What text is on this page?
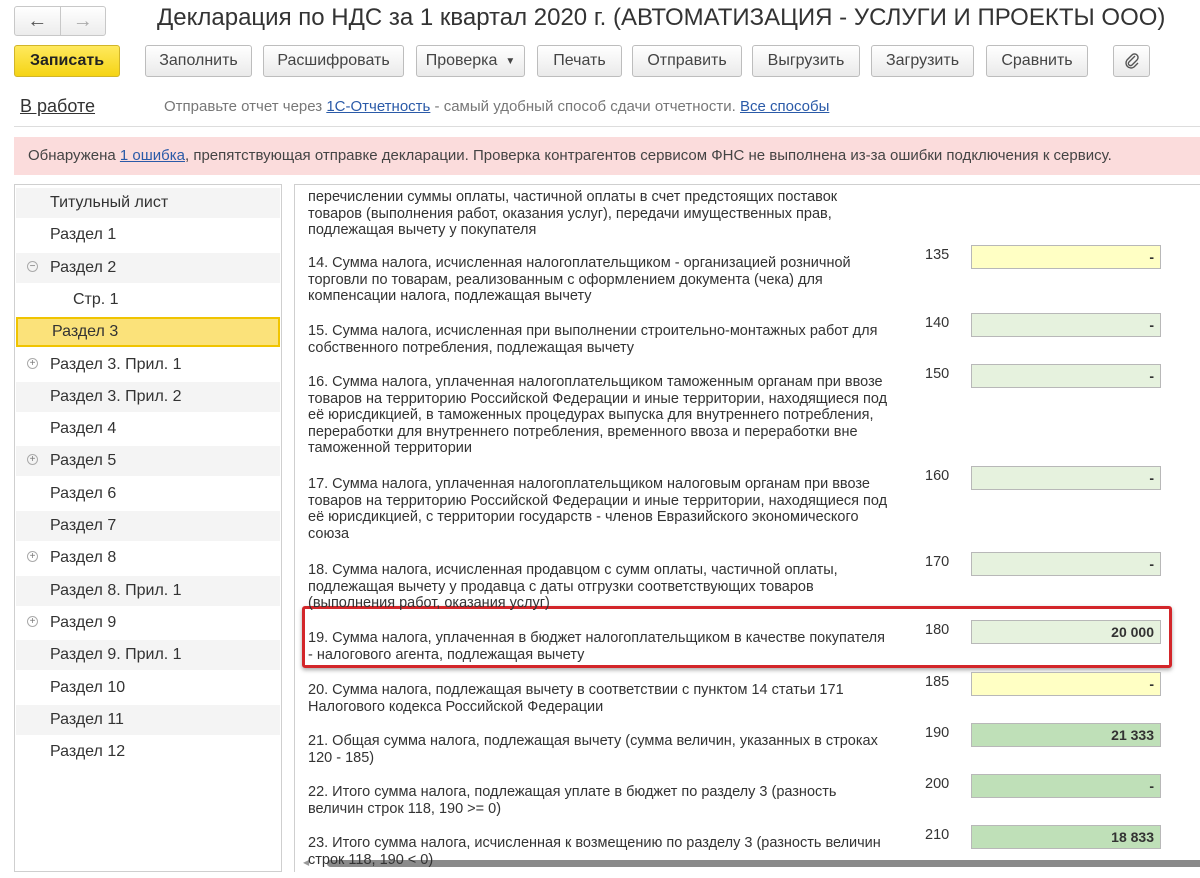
←	→	Декларация по НДС за 1 квартал 2020 г. (АВТОМАТИЗАЦИЯ - УСЛУГИ И ПРОЕКТЫ ООО)
Записать	Заполнить	Расшифровать	Проверка ▼	Печать	Отправить	Выгрузить	Загрузить	Сравнить
В работе	Отправьте отчет через 1С-Отчетность - самый удобный способ сдачи отчетности. Все способы
Обнаружена 1 ошибка, препятствующая отправке декларации. Проверка контрагентов сервисом ФНС не выполнена из-за ошибки подключения к сервису.
Титульный лист
Раздел 1
− Раздел 2
Стр. 1
Раздел 3
+ Раздел 3. Прил. 1
Раздел 3. Прил. 2
Раздел 4
+ Раздел 5
Раздел 6
Раздел 7
+ Раздел 8
Раздел 8. Прил. 1
+ Раздел 9
Раздел 9. Прил. 1
Раздел 10
Раздел 11
Раздел 12
◀
перечислении суммы оплаты, частичной оплаты в счет предстоящих поставок товаров (выполнения работ, оказания услуг), передачи имущественных прав, подлежащая вычету у покупателя
14. Сумма налога, исчисленная налогоплательщиком - организацией розничной торговли по товарам, реализованным с оформлением документа (чека) для компенсации налога, подлежащая вычету
135	-
15. Сумма налога, исчисленная при выполнении строительно-монтажных работ для собственного потребления, подлежащая вычету
140	-
16. Сумма налога, уплаченная налогоплательщиком таможенным органам при ввозе товаров на территорию Российской Федерации и иные территории, находящиеся под её юрисдикцией, в таможенных процедурах выпуска для внутреннего потребления, переработки для внутреннего потребления, временного ввоза и переработки вне таможенной территории
150	-
17. Сумма налога, уплаченная налогоплательщиком налоговым органам при ввозе товаров на территорию Российской Федерации и иные территории, находящиеся под её юрисдикцией, с территории государств - членов Евразийского экономического союза
160	-
18. Сумма налога, исчисленная продавцом с сумм оплаты, частичной оплаты, подлежащая вычету у продавца с даты отгрузки соответствующих товаров (выполнения работ, оказания услуг)
170	-
19. Сумма налога, уплаченная в бюджет налогоплательщиком в качестве покупателя - налогового агента, подлежащая вычету
180	20 000
20. Сумма налога, подлежащая вычету в соответствии с пунктом 14 статьи 171 Налогового кодекса Российской Федерации
185	-
21. Общая сумма налога, подлежащая вычету (сумма величин, указанных в строках 120 - 185)
190	21 333
22. Итого сумма налога, подлежащая уплате в бюджет по разделу 3 (разность величин строк 118, 190 >= 0)
200	-
23. Итого сумма налога, исчисленная к возмещению по разделу 3 (разность величин строк 118, 190 < 0)
210	18 833
